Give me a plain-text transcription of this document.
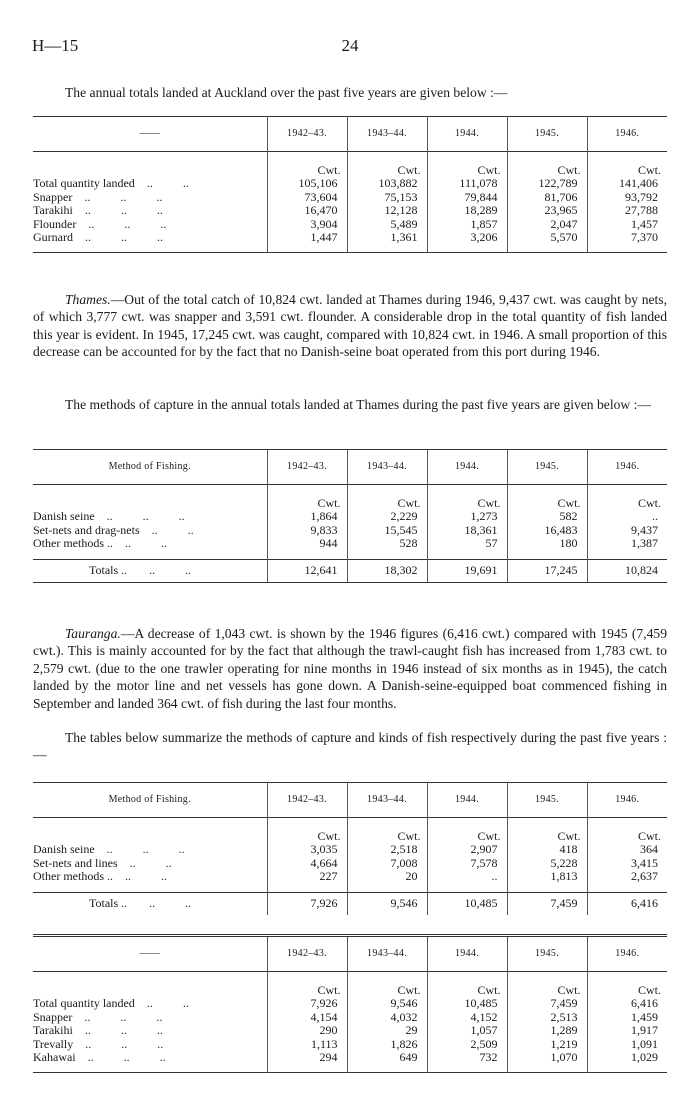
H—15	24

The annual totals landed at Auckland over the past five years are given below :—

——	1942–43.	1943–44.	1944.	1945.	1946.

	Cwt.	Cwt.	Cwt.	Cwt.	Cwt.
Total quantity landed ..          ..	105,106	103,882	111,078	122,789	141,406
Snapper ..          ..          ..	73,604	75,153	79,844	81,706	93,792
Tarakihi ..          ..          ..	16,470	12,128	18,289	23,965	27,788
Flounder ..          ..          ..	3,904	5,489	1,857	2,047	1,457
Gurnard ..          ..          ..	1,447	1,361	3,206	5,570	7,370

Thames.—Out of the total catch of 10,824 cwt. landed at Thames during 1946, 9,437 cwt. was caught by nets, of which 3,777 cwt. was snapper and 3,591 cwt. flounder. A considerable drop in the total quantity of fish landed this year is evident. In 1945, 17,245 cwt. was caught, compared with 10,824 cwt. in 1946. A small proportion of this decrease can be accounted for by the fact that no Danish-seine boat operated from this port during 1946.

The methods of capture in the annual totals landed at Thames during the past five years are given below :—

Method of Fishing.	1942–43.	1943–44.	1944.	1945.	1946.

	Cwt.	Cwt.	Cwt.	Cwt.	Cwt.
Danish seine ..          ..          ..	1,864	2,229	1,273	582	..
Set-nets and drag-nets ..          ..	9,833	15,545	18,361	16,483	9,437
Other methods .. ..          ..	944	528	57	180	1,387

Totals .. ..          ..	12,641	18,302	19,691	17,245	10,824

Tauranga.—A decrease of 1,043 cwt. is shown by the 1946 figures (6,416 cwt.) compared with 1945 (7,459 cwt.). This is mainly accounted for by the fact that although the trawl-caught fish has increased from 1,783 cwt. to 2,579 cwt. (due to the one trawler operating for nine months in 1946 instead of six months as in 1945), the catch landed by the motor line and net vessels has gone down. A Danish-seine-equipped boat commenced fishing in September and landed 364 cwt. of fish during the last four months.

The tables below summarize the methods of capture and kinds of fish respectively during the past five years :—

Method of Fishing.	1942–43.	1943–44.	1944.	1945.	1946.

	Cwt.	Cwt.	Cwt.	Cwt.	Cwt.
Danish seine ..          ..          ..	3,035	2,518	2,907	418	364
Set-nets and lines ..          ..	4,664	7,008	7,578	5,228	3,415
Other methods .. ..          ..	227	20	..	1,813	2,637

Totals .. ..          ..	7,926	9,546	10,485	7,459	6,416
——	1942–43.	1943–44.	1944.	1945.	1946.

	Cwt.	Cwt.	Cwt.	Cwt.	Cwt.
Total quantity landed ..          ..	7,926	9,546	10,485	7,459	6,416
Snapper ..          ..          ..	4,154	4,032	4,152	2,513	1,459
Tarakihi ..          ..          ..	290	29	1,057	1,289	1,917
Trevally ..          ..          ..	1,113	1,826	2,509	1,219	1,091
Kahawai ..          ..          ..	294	649	732	1,070	1,029
